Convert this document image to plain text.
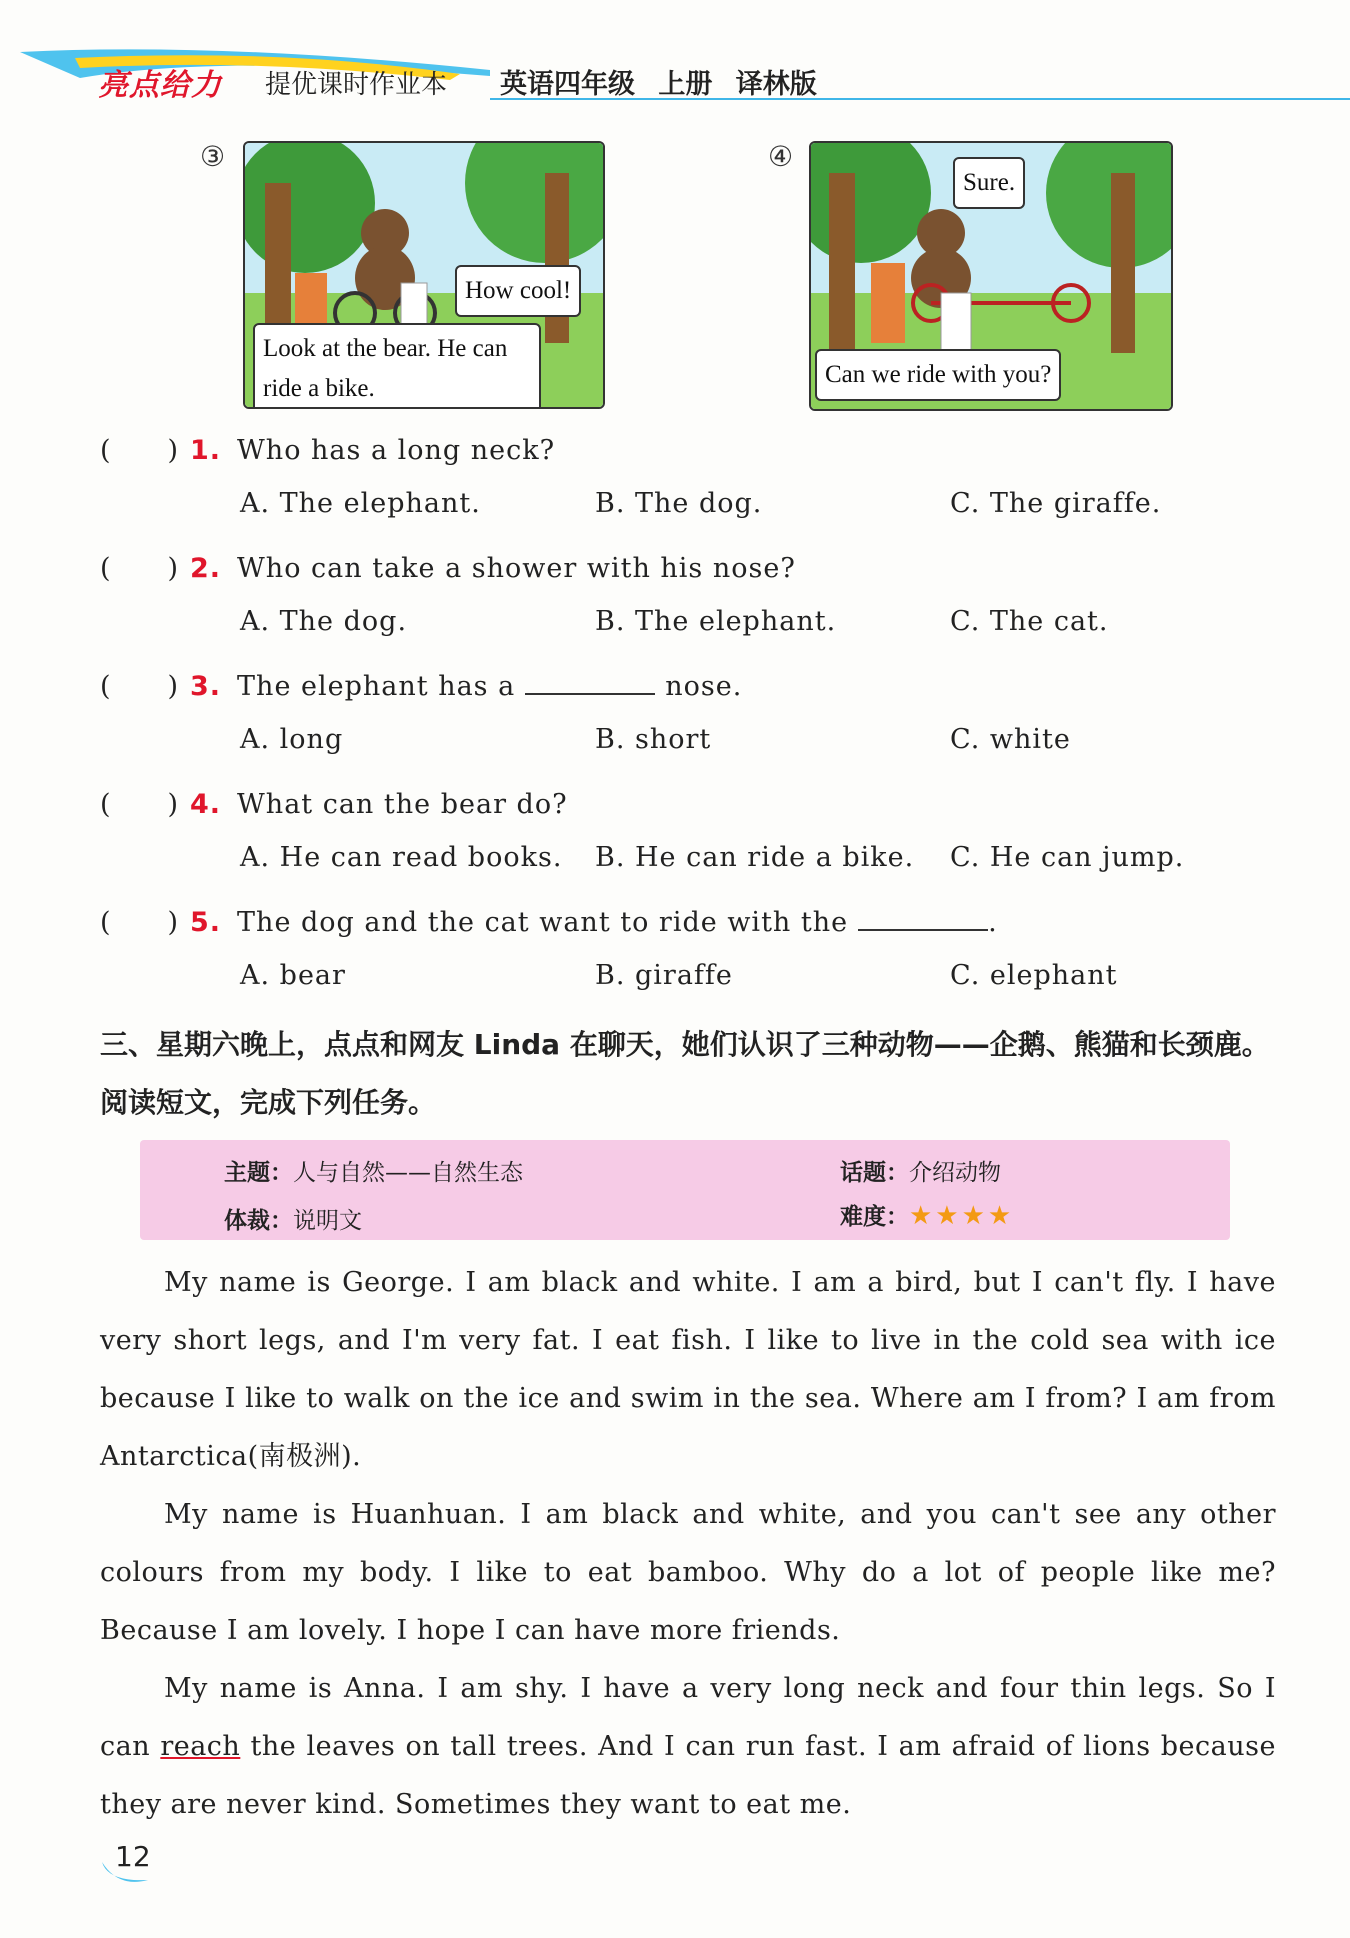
亮点给力 提优课时作业本 英语四年级 上册 译林版
③
How cool!
Look at the bear. He can ride a bike.
④
Sure.
Can we ride with you?
(　　) 1. Who has a long neck?
A. The elephant.	B. The dog.	C. The giraffe.
(　　) 2. Who can take a shower with his nose?
A. The dog.	B. The elephant.	C. The cat.
(　　) 3. The elephant has a	nose.
A. long	B. short	C. white
(　　) 4. What can the bear do?
A. He can read books. B. He can ride a bike. C. He can jump.
(　　) 5. The dog and the cat want to ride with the	.
A. bear	B. giraffe	C. elephant
三、星期六晚上，点点和网友 Linda 在聊天，她们认识了三种动物——企鹅、熊猫和长颈鹿。阅读短文，完成下列任务。
主题：人与自然——自然生态	话题：介绍动物
体裁：说明文	难度：★★★★

My name is George. I am black and white. I am a bird, but I can't fly. I have very short legs, and I'm very fat. I eat fish. I like to live in the cold sea with ice because I like to walk on the ice and swim in the sea. Where am I from? I am from Antarctica(南极洲).

My name is Huanhuan. I am black and white, and you can't see any other colours from my body. I like to eat bamboo. Why do a lot of people like me? Because I am lovely. I hope I can have more friends.

My name is Anna. I am shy. I have a very long neck and four thin legs. So I can reach the leaves on tall trees. And I can run fast. I am afraid of lions because they are never kind. Sometimes they want to eat me.

12
